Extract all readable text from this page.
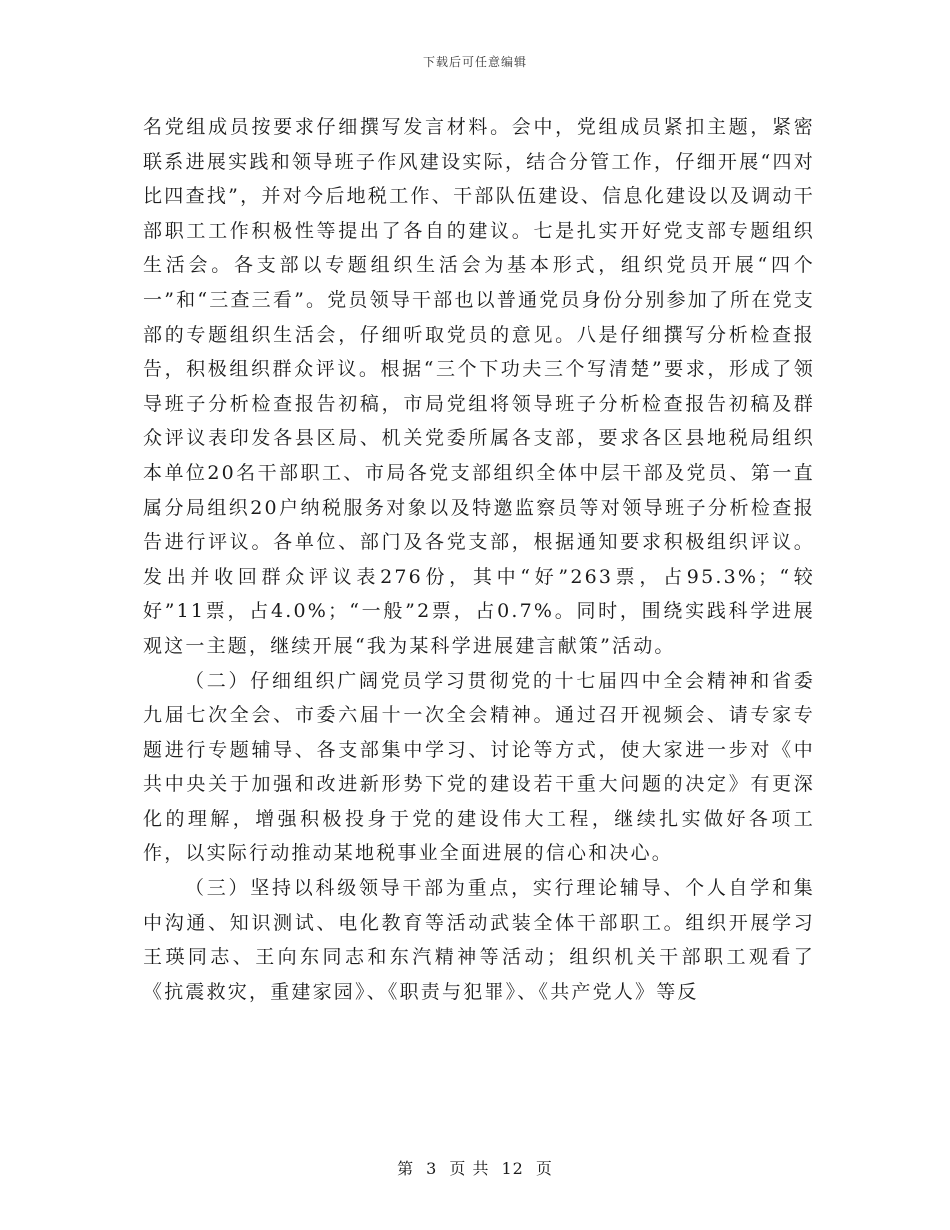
下载后可任意编辑

名党组成员按要求仔细撰写发言材料。会中，党组成员紧扣主题，紧密联系进展实践和领导班子作风建设实际，结合分管工作，仔细开展“四对比四查找”，并对今后地税工作、干部队伍建设、信息化建设以及调动干部职工工作积极性等提出了各自的建议。七是扎实开好党支部专题组织生活会。各支部以专题组织生活会为基本形式，组织党员开展“四个一”和“三查三看”。党员领导干部也以普通党员身份分别参加了所在党支部的专题组织生活会，仔细听取党员的意见。八是仔细撰写分析检查报告，积极组织群众评议。根据“三个下功夫三个写清楚”要求，形成了领导班子分析检查报告初稿，市局党组将领导班子分析检查报告初稿及群众评议表印发各县区局、机关党委所属各支部，要求各区县地税局组织本单位20名干部职工、市局各党支部组织全体中层干部及党员、第一直属分局组织20户纳税服务对象以及特邀监察员等对领导班子分析检查报告进行评议。各单位、部门及各党支部，根据通知要求积极组织评议。发出并收回群众评议表276份，其中“好”263票，占95.3%；“较好”11票，占4.0%；“一般”2票，占0.7%。同时，围绕实践科学进展观这一主题，继续开展“我为某科学进展建言献策”活动。

（二）仔细组织广阔党员学习贯彻党的十七届四中全会精神和省委九届七次全会、市委六届十一次全会精神。通过召开视频会、请专家专题进行专题辅导、各支部集中学习、讨论等方式，使大家进一步对《中共中央关于加强和改进新形势下党的建设若干重大问题的决定》有更深化的理解，增强积极投身于党的建设伟大工程，继续扎实做好各项工作，以实际行动推动某地税事业全面进展的信心和决心。

（三）坚持以科级领导干部为重点，实行理论辅导、个人自学和集中沟通、知识测试、电化教育等活动武装全体干部职工。组织开展学习王瑛同志、王向东同志和东汽精神等活动；组织机关干部职工观看了《抗震救灾，重建家园》、《职责与犯罪》、《共产党人》等反

第 3 页 共 12 页
